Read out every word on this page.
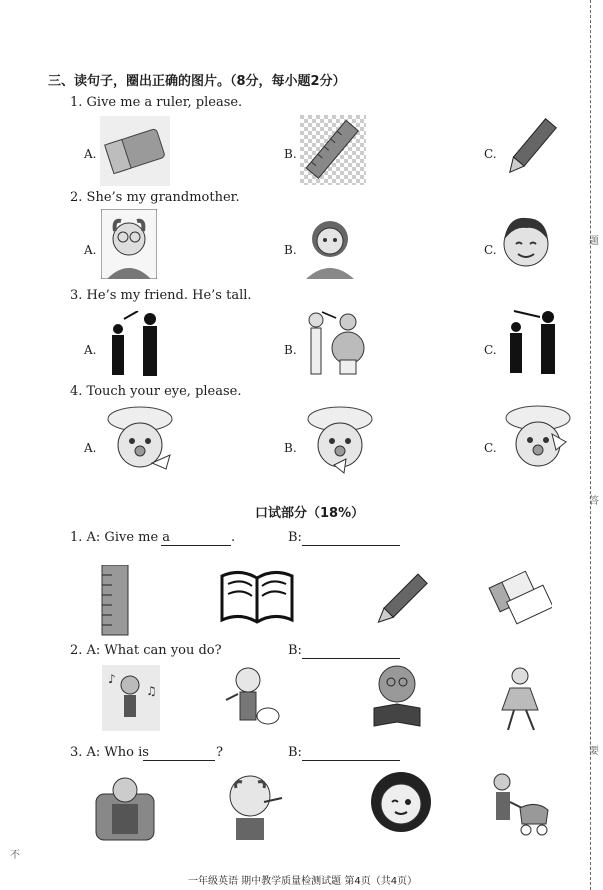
题
答
要
不
三、读句子，圈出正确的图片。（8分，每小题2分）
1. Give me a ruler, please.
A.	B.	C.
2. She’s my grandmother.
A.	B.	C.
3. He’s my friend. He’s tall.
A.	B.	C.
4. Touch your eye, please.
A.	B.	C.
口试部分（18%）
1. A: Give me a	.	B:
2. A: What can you do?	B:
♪
♫
3. A: Who is	?	B:
一年级英语 期中教学质量检测试题 第4页（共4页）
